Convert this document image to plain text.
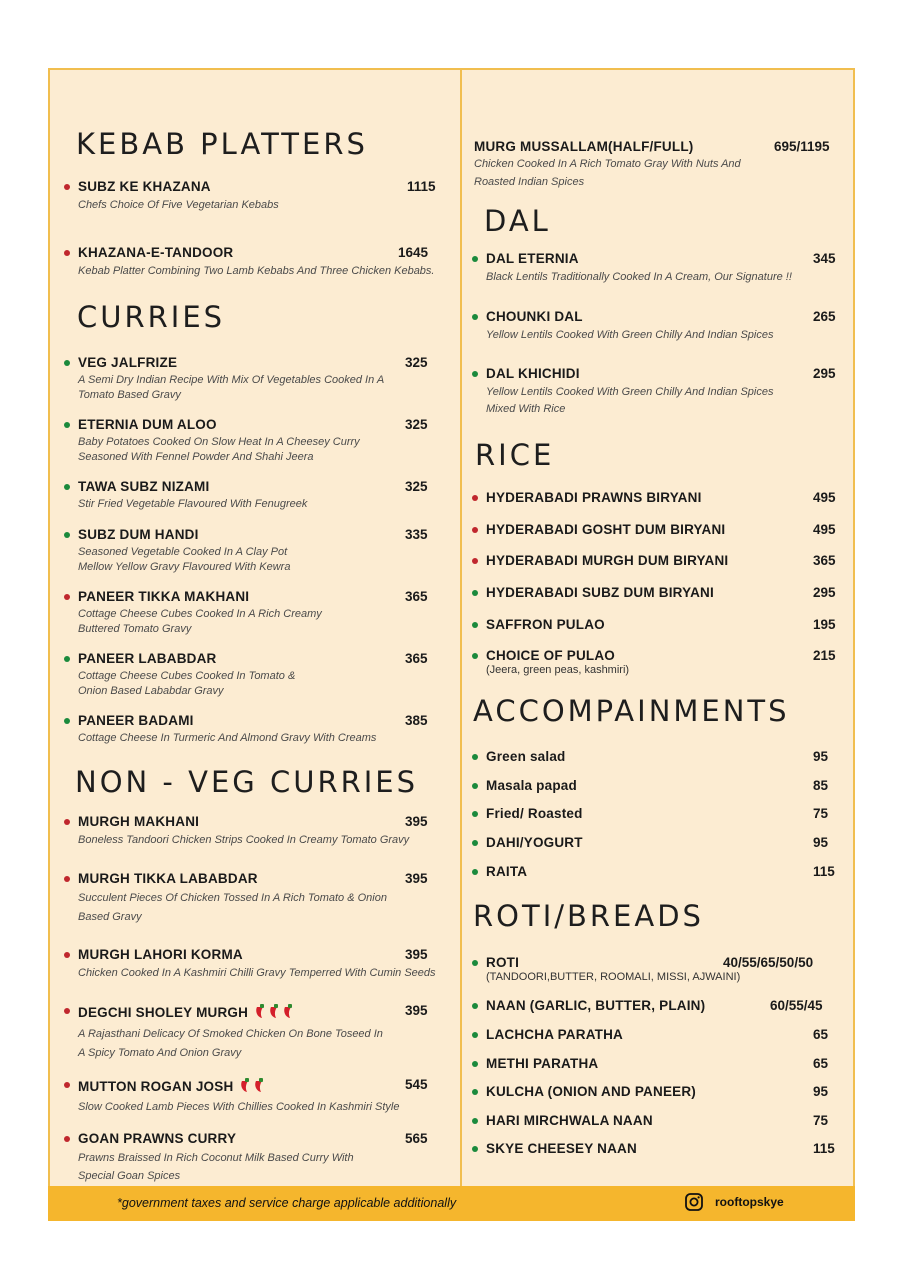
KEBAB PLATTERS
SUBZ KE KHAZANA	1115
Chefs Choice Of Five Vegetarian Kebabs
KHAZANA-E-TANDOOR	1645
Kebab Platter Combining Two Lamb Kebabs And Three Chicken Kebabs.
CURRIES
VEG JALFRIZE	325
A Semi Dry Indian Recipe With Mix Of Vegetables Cooked In A
Tomato Based Gravy
ETERNIA DUM ALOO	325
Baby Potatoes Cooked On Slow Heat In A Cheesey Curry
Seasoned With Fennel Powder And Shahi Jeera
TAWA SUBZ NIZAMI	325
Stir Fried Vegetable Flavoured With Fenugreek
SUBZ DUM HANDI	335
Seasoned Vegetable Cooked In A Clay Pot
Mellow Yellow Gravy Flavoured With Kewra
PANEER TIKKA MAKHANI	365
Cottage Cheese Cubes Cooked In A Rich Creamy
Buttered Tomato Gravy
PANEER LABABDAR	365
Cottage Cheese Cubes Cooked In Tomato &
Onion Based Lababdar Gravy
PANEER BADAMI	385
Cottage Cheese In Turmeric And Almond Gravy With Creams
NON - VEG CURRIES
MURGH MAKHANI	395
Boneless Tandoori Chicken Strips Cooked In Creamy Tomato Gravy
MURGH TIKKA LABABDAR	395
Succulent Pieces Of Chicken Tossed In A Rich Tomato & Onion
Based Gravy
MURGH LAHORI KORMA	395
Chicken Cooked In A Kashmiri Chilli Gravy Temperred With Cumin Seeds
DEGCHI SHOLEY MURGH	395
A Rajasthani Delicacy Of Smoked Chicken On Bone Toseed In
A Spicy Tomato And Onion Gravy
MUTTON ROGAN JOSH	545
Slow Cooked Lamb Pieces With Chillies Cooked In Kashmiri Style
GOAN PRAWNS CURRY	565
Prawns Braissed In Rich Coconut Milk Based Curry With
Special Goan Spices
MURG MUSSALLAM(HALF/FULL)	695/1195
Chicken Cooked In A Rich Tomato Gray With Nuts And
Roasted Indian Spices
DAL
DAL ETERNIA	345
Black Lentils Traditionally Cooked In A Cream, Our Signature !!
CHOUNKI DAL	265
Yellow Lentils Cooked With Green Chilly And Indian Spices
DAL KHICHIDI	295
Yellow Lentils Cooked With Green Chilly And Indian Spices
Mixed With Rice
RICE
HYDERABADI PRAWNS BIRYANI	495
HYDERABADI GOSHT DUM BIRYANI	495
HYDERABADI MURGH DUM BIRYANI	365
HYDERABADI SUBZ DUM BIRYANI	295
SAFFRON PULAO	195
CHOICE OF PULAO	215
(Jeera, green peas, kashmiri)
ACCOMPAINMENTS
Green salad	95
Masala papad	85
Fried/ Roasted	75
DAHI/YOGURT	95
RAITA	115
ROTI/BREADS
ROTI	40/55/65/50/50
(TANDOORI,BUTTER, ROOMALI, MISSI, AJWAINI)
NAAN (GARLIC, BUTTER, PLAIN)	60/55/45
LACHCHA PARATHA	65
METHI PARATHA	65
KULCHA (ONION AND PANEER)	95
HARI MIRCHWALA NAAN	75
SKYE CHEESEY NAAN	115
*government taxes and service charge applicable additionally	rooftopskye
